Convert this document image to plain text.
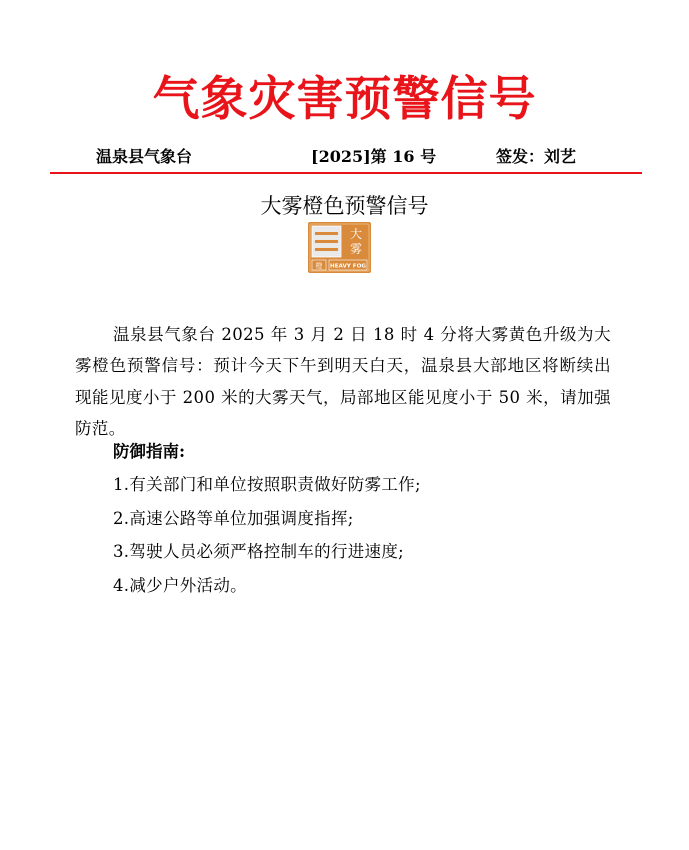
气象灾害预警信号
温泉县气象台	[2025]第 16 号	签发：刘艺
大雾橙色预警信号
大
雾
橙 HEAVY FOG

温泉县气象台 2025 年 3 月 2 日 18 时 4 分将大雾黄色升级为大雾橙色预警信号：预计今天下午到明天白天，温泉县大部地区将断续出现能见度小于 200 米的大雾天气，局部地区能见度小于 50 米，请加强防范。

防御指南:
1.有关部门和单位按照职责做好防雾工作;
2.高速公路等单位加强调度指挥;
3.驾驶人员必须严格控制车的行进速度;
4.减少户外活动。
